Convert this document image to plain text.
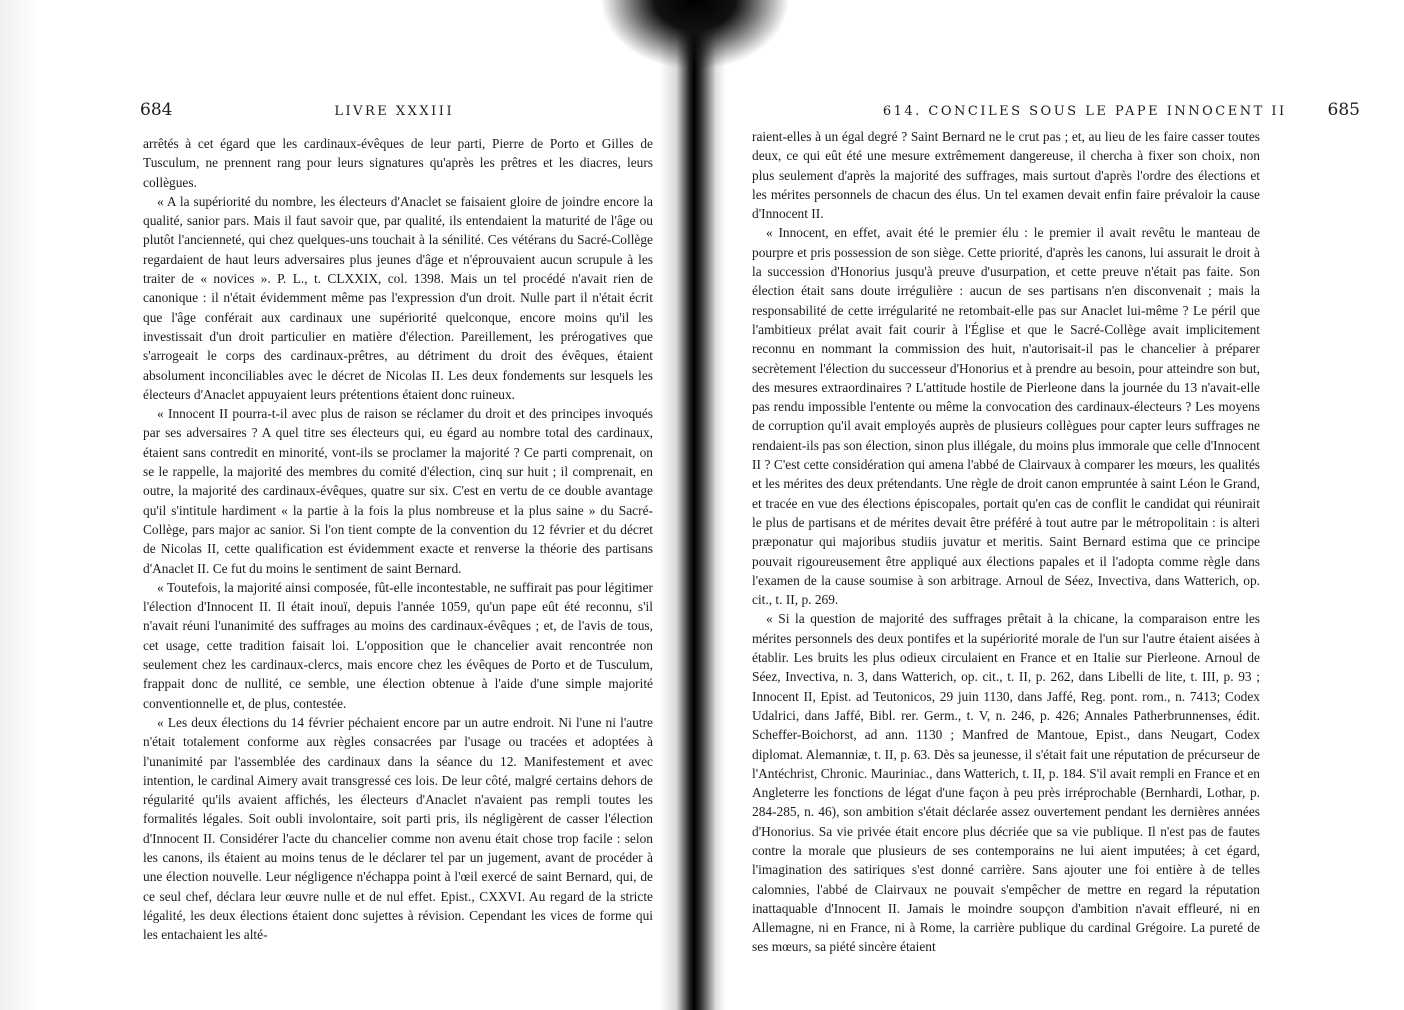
684	LIVRE XXXIII

arrêtés à cet égard que les cardinaux-évêques de leur parti, Pierre de Porto et Gilles de Tusculum, ne prennent rang pour leurs signatures qu'après les prêtres et les diacres, leurs collègues.

« A la supériorité du nombre, les électeurs d'Anaclet se faisaient gloire de joindre encore la qualité, sanior pars. Mais il faut savoir que, par qualité, ils entendaient la maturité de l'âge ou plutôt l'ancienneté, qui chez quelques-uns touchait à la sénilité. Ces vétérans du Sacré-Collège regardaient de haut leurs adversaires plus jeunes d'âge et n'éprouvaient aucun scrupule à les traiter de « novices ». P. L., t. CLXXIX, col. 1398. Mais un tel procédé n'avait rien de canonique : il n'était évidemment même pas l'expression d'un droit. Nulle part il n'était écrit que l'âge conférait aux cardinaux une supériorité quelconque, encore moins qu'il les investissait d'un droit particulier en matière d'élection. Pareillement, les prérogatives que s'arrogeait le corps des cardinaux-prêtres, au détriment du droit des évêques, étaient absolument inconciliables avec le décret de Nicolas II. Les deux fondements sur lesquels les électeurs d'Anaclet appuyaient leurs prétentions étaient donc ruineux.

« Innocent II pourra-t-il avec plus de raison se réclamer du droit et des principes invoqués par ses adversaires ? A quel titre ses électeurs qui, eu égard au nombre total des cardinaux, étaient sans contredit en minorité, vont-ils se proclamer la majorité ? Ce parti comprenait, on se le rappelle, la majorité des membres du comité d'élection, cinq sur huit ; il comprenait, en outre, la majorité des cardinaux-évêques, quatre sur six. C'est en vertu de ce double avantage qu'il s'intitule hardiment « la partie à la fois la plus nombreuse et la plus saine » du Sacré-Collège, pars major ac sanior. Si l'on tient compte de la convention du 12 février et du décret de Nicolas II, cette qualification est évidemment exacte et renverse la théorie des partisans d'Anaclet II. Ce fut du moins le sentiment de saint Bernard.

« Toutefois, la majorité ainsi composée, fût-elle incontestable, ne suffirait pas pour légitimer l'élection d'Innocent II. Il était inouï, depuis l'année 1059, qu'un pape eût été reconnu, s'il n'avait réuni l'unanimité des suffrages au moins des cardinaux-évêques ; et, de l'avis de tous, cet usage, cette tradition faisait loi. L'opposition que le chancelier avait rencontrée non seulement chez les cardinaux-clercs, mais encore chez les évêques de Porto et de Tusculum, frappait donc de nullité, ce semble, une élection obtenue à l'aide d'une simple majorité conventionnelle et, de plus, contestée.

« Les deux élections du 14 février péchaient encore par un autre endroit. Ni l'une ni l'autre n'était totalement conforme aux règles consacrées par l'usage ou tracées et adoptées à l'unanimité par l'assemblée des cardinaux dans la séance du 12. Manifestement et avec intention, le cardinal Aimery avait transgressé ces lois. De leur côté, malgré certains dehors de régularité qu'ils avaient affichés, les électeurs d'Anaclet n'avaient pas rempli toutes les formalités légales. Soit oubli involontaire, soit parti pris, ils négligèrent de casser l'élection d'Innocent II. Considérer l'acte du chancelier comme non avenu était chose trop facile : selon les canons, ils étaient au moins tenus de le déclarer tel par un jugement, avant de procéder à une élection nouvelle. Leur négligence n'échappa point à l'œil exercé de saint Bernard, qui, de ce seul chef, déclara leur œuvre nulle et de nul effet. Epist., CXXVI. Au regard de la stricte légalité, les deux élections étaient donc sujettes à révision. Cependant les vices de forme qui les entachaient les alté-

614. CONCILES SOUS LE PAPE INNOCENT II 685

raient-elles à un égal degré ? Saint Bernard ne le crut pas ; et, au lieu de les faire casser toutes deux, ce qui eût été une mesure extrêmement dangereuse, il chercha à fixer son choix, non plus seulement d'après la majorité des suffrages, mais surtout d'après l'ordre des élections et les mérites personnels de chacun des élus. Un tel examen devait enfin faire prévaloir la cause d'Innocent II.

« Innocent, en effet, avait été le premier élu : le premier il avait revêtu le manteau de pourpre et pris possession de son siège. Cette priorité, d'après les canons, lui assurait le droit à la succession d'Honorius jusqu'à preuve d'usurpation, et cette preuve n'était pas faite. Son élection était sans doute irrégulière : aucun de ses partisans n'en disconvenait ; mais la responsabilité de cette irrégularité ne retombait-elle pas sur Anaclet lui-même ? Le péril que l'ambitieux prélat avait fait courir à l'Église et que le Sacré-Collège avait implicitement reconnu en nommant la commission des huit, n'autorisait-il pas le chancelier à préparer secrètement l'élection du successeur d'Honorius et à prendre au besoin, pour atteindre son but, des mesures extraordinaires ? L'attitude hostile de Pierleone dans la journée du 13 n'avait-elle pas rendu impossible l'entente ou même la convocation des cardinaux-électeurs ? Les moyens de corruption qu'il avait employés auprès de plusieurs collègues pour capter leurs suffrages ne rendaient-ils pas son élection, sinon plus illégale, du moins plus immorale que celle d'Innocent II ? C'est cette considération qui amena l'abbé de Clairvaux à comparer les mœurs, les qualités et les mérites des deux prétendants. Une règle de droit canon empruntée à saint Léon le Grand, et tracée en vue des élections épiscopales, portait qu'en cas de conflit le candidat qui réunirait le plus de partisans et de mérites devait être préféré à tout autre par le métropolitain : is alteri præponatur qui majoribus studiis juvatur et meritis. Saint Bernard estima que ce principe pouvait rigoureusement être appliqué aux élections papales et il l'adopta comme règle dans l'examen de la cause soumise à son arbitrage. Arnoul de Séez, Invectiva, dans Watterich, op. cit., t. II, p. 269.

« Si la question de majorité des suffrages prêtait à la chicane, la comparaison entre les mérites personnels des deux pontifes et la supériorité morale de l'un sur l'autre étaient aisées à établir. Les bruits les plus odieux circulaient en France et en Italie sur Pierleone. Arnoul de Séez, Invectiva, n. 3, dans Watterich, op. cit., t. II, p. 262, dans Libelli de lite, t. III, p. 93 ; Innocent II, Epist. ad Teutonicos, 29 juin 1130, dans Jaffé, Reg. pont. rom., n. 7413; Codex Udalrici, dans Jaffé, Bibl. rer. Germ., t. V, n. 246, p. 426; Annales Patherbrunnenses, édit. Scheffer-Boichorst, ad ann. 1130 ; Manfred de Mantoue, Epist., dans Neugart, Codex diplomat. Alemanniæ, t. II, p. 63. Dès sa jeunesse, il s'était fait une réputation de précurseur de l'Antéchrist, Chronic. Mauriniac., dans Watterich, t. II, p. 184. S'il avait rempli en France et en Angleterre les fonctions de légat d'une façon à peu près irréprochable (Bernhardi, Lothar, p. 284-285, n. 46), son ambition s'était déclarée assez ouvertement pendant les dernières années d'Honorius. Sa vie privée était encore plus décriée que sa vie publique. Il n'est pas de fautes contre la morale que plusieurs de ses contemporains ne lui aient imputées; à cet égard, l'imagination des satiriques s'est donné carrière. Sans ajouter une foi entière à de telles calomnies, l'abbé de Clairvaux ne pouvait s'empêcher de mettre en regard la réputation inattaquable d'Innocent II. Jamais le moindre soupçon d'ambition n'avait effleuré, ni en Allemagne, ni en France, ni à Rome, la carrière publique du cardinal Grégoire. La pureté de ses mœurs, sa piété sincère étaient
